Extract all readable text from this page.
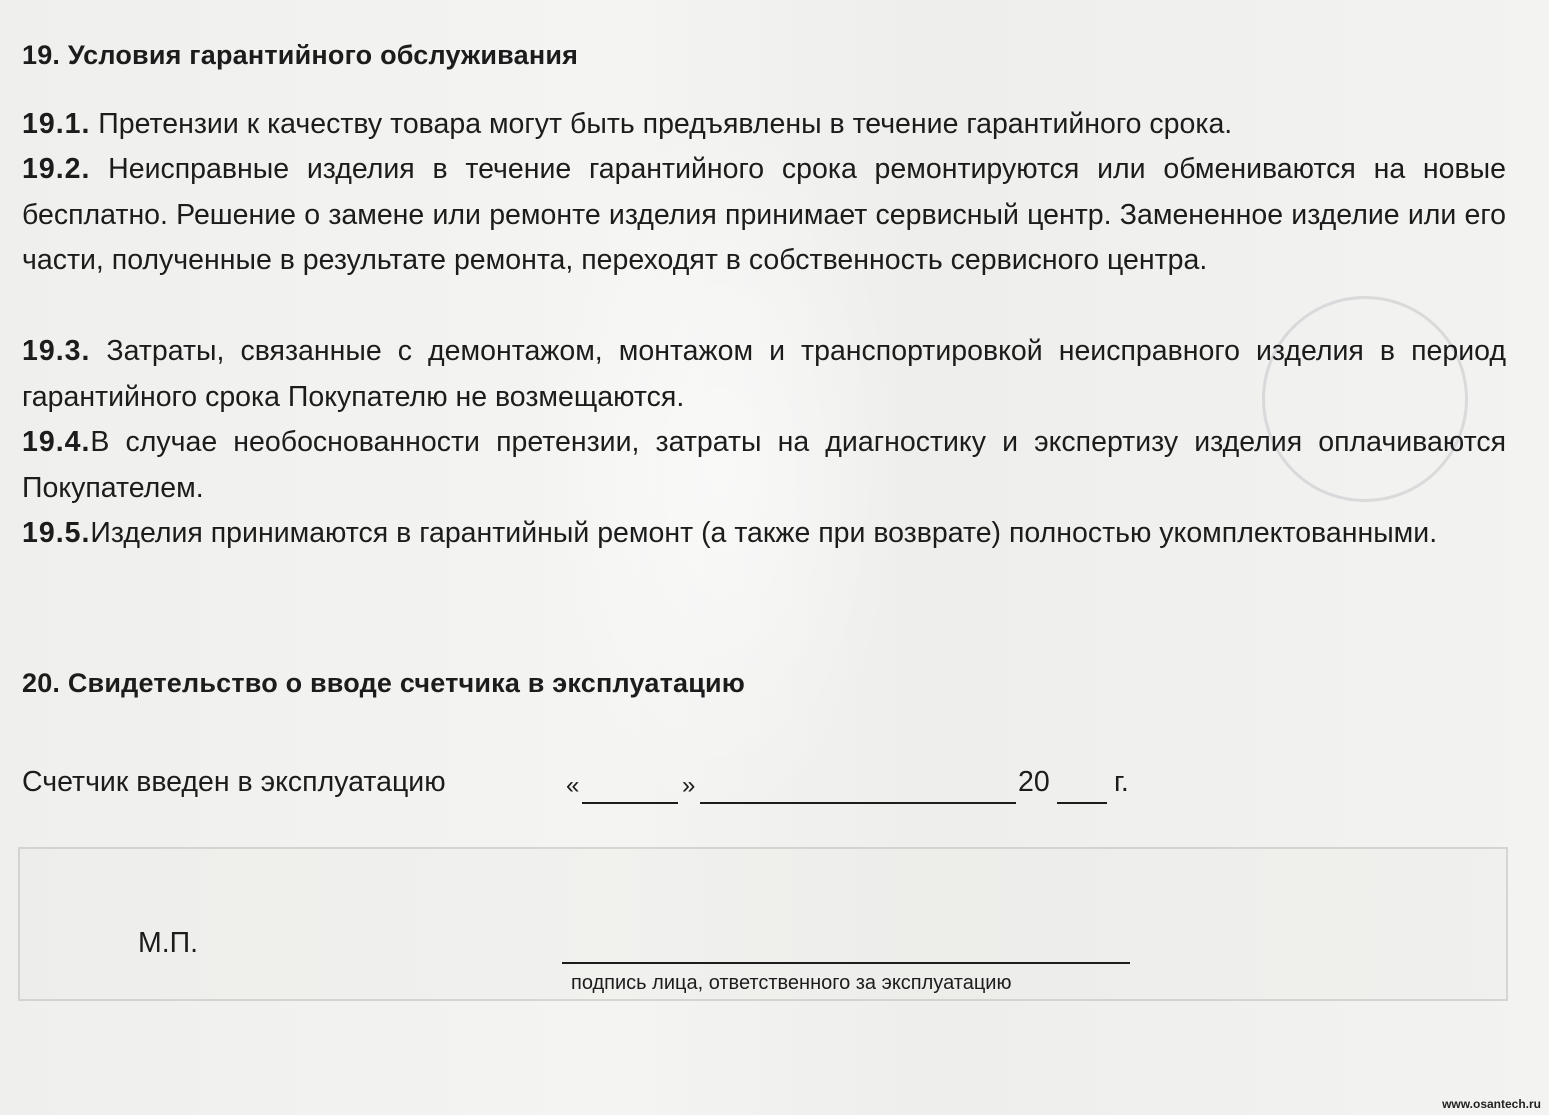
19. Условия гарантийного обслуживания

19.1. Претензии к качеству товара могут быть предъявлены в течение гарантийного срока.

19.2. Неисправные изделия в течение гарантийного срока ремонтируются или обмениваются на новые бесплатно. Решение о замене или ремонте изделия принимает сервисный центр. Замененное изделие или его части, полученные в результате ремонта, переходят в собственность сервисного центра.

19.3. Затраты, связанные с демонтажом, монтажом и транспортировкой неисправного изделия в период гарантийного срока Покупателю не возмещаются.

19.4.В случае необоснованности претензии, затраты на диагностику и экспертизу изделия оплачиваются Покупателем.

19.5.Изделия принимаются в гарантийный ремонт (а также при возврате) полностью укомплектованными.

20. Свидетельство о вводе счетчика в эксплуатацию

Счетчик введен в эксплуатацию	«	»	20 г.
М.П.
подпись лица, ответственного за эксплуатацию
www.osantech.ru
